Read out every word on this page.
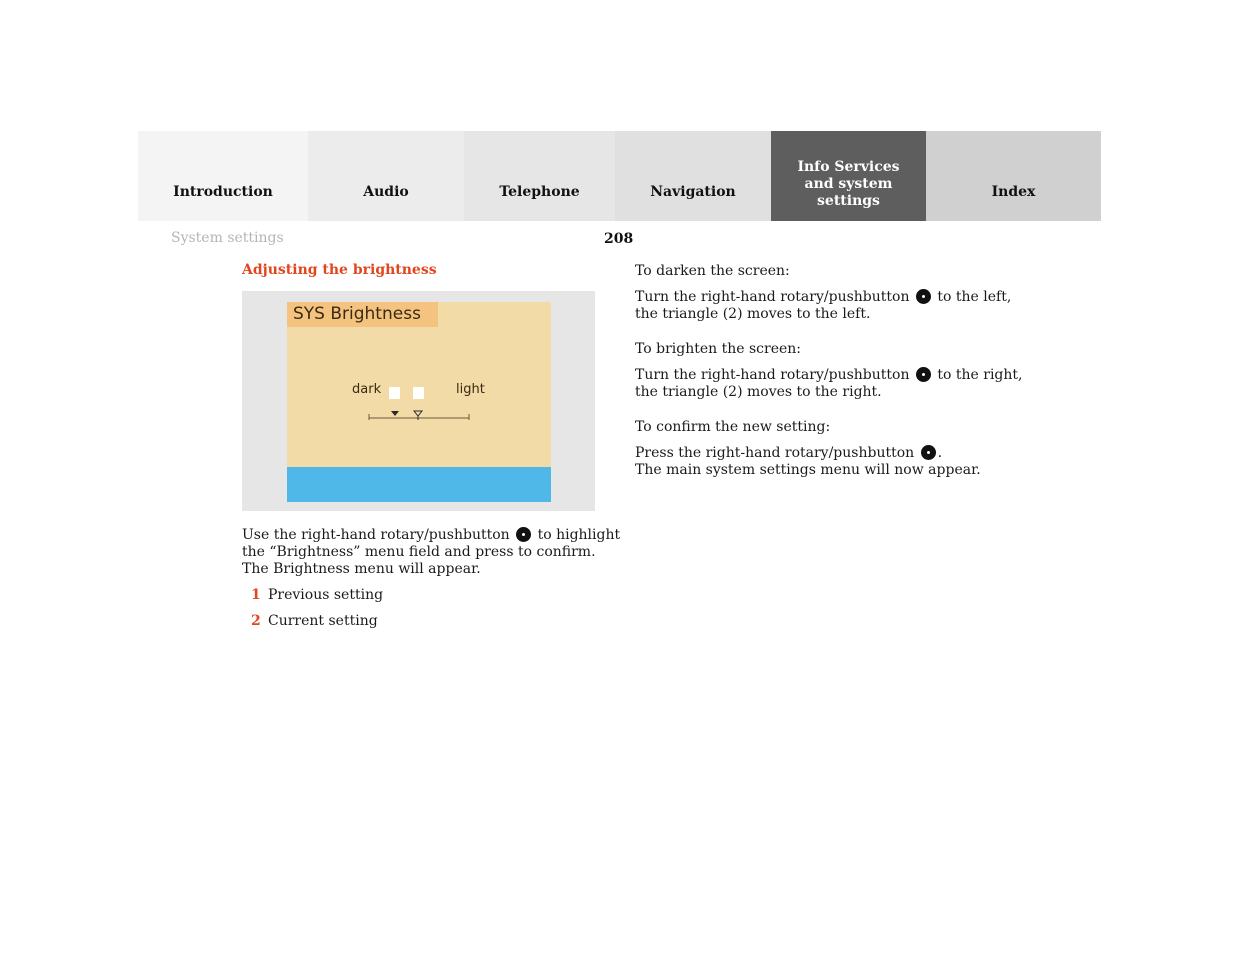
Introduction	Audio	Telephone	Navigation
Info Services and system settings
Index
System settings	208
Adjusting the brightness
SYS Brightness
dark	light
Use the right-hand rotary/pushbutton to highlight
the “Brightness” menu field and press to confirm.
The Brightness menu will appear.
1 Previous setting
2 Current setting
To darken the screen:
Turn the right-hand rotary/pushbutton to the left,
the triangle (2) moves to the left.
To brighten the screen:
Turn the right-hand rotary/pushbutton to the right,
the triangle (2) moves to the right.
To confirm the new setting:
Press the right-hand rotary/pushbutton .
The main system settings menu will now appear.
